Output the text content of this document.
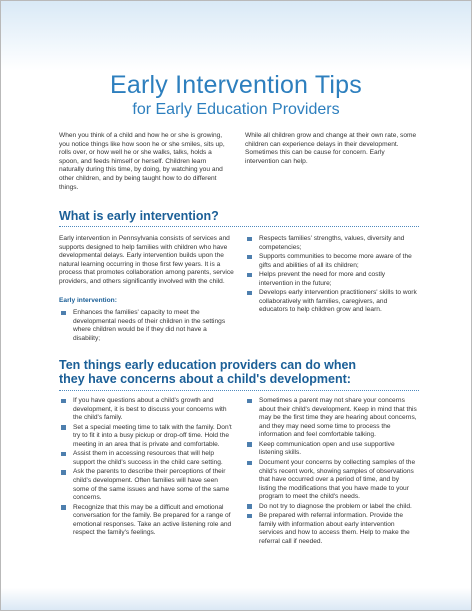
Early Intervention Tips
for Early Education Providers

When you think of a child and how he or she is growing, you notice things like how soon he or she smiles, sits up, rolls over, or how well he or she walks, talks, holds a spoon, and feeds himself or herself. Children learn naturally during this time, by doing, by watching you and other children, and by being taught how to do different things.

While all children grow and change at their own rate, some children can experience delays in their development. Sometimes this can be cause for concern. Early intervention can help.

What is early intervention?

Early intervention in Pennsylvania consists of services and supports designed to help families with children who have developmental delays. Early intervention builds upon the natural learning occurring in those first few years. It is a process that promotes collaboration among parents, service providers, and others significantly involved with the child.

Early intervention:
Enhances the families' capacity to meet the developmental needs of their children in the settings where children would be if they did not have a disability;
Respects families' strengths, values, diversity and competencies;
Supports communities to become more aware of the gifts and abilities of all its children;
Helps prevent the need for more and costly intervention in the future;
Develops early intervention practitioners' skills to work collaboratively with families, caregivers, and educators to help children grow and learn.
Ten things early education providers can do when
they have concerns about a child's development:
If you have questions about a child's growth and development, it is best to discuss your concerns with the child's family.
Set a special meeting time to talk with the family. Don't try to fit it into a busy pickup or drop-off time. Hold the meeting in an area that is private and comfortable.
Assist them in accessing resources that will help support the child's success in the child care setting.
Ask the parents to describe their perceptions of their child's development. Often families will have seen some of the same issues and have some of the same concerns.
Recognize that this may be a difficult and emotional conversation for the family. Be prepared for a range of emotional responses. Take an active listening role and respect the family's feelings.
Sometimes a parent may not share your concerns about their child's development. Keep in mind that this may be the first time they are hearing about concerns, and they may need some time to process the information and feel comfortable talking.
Keep communication open and use supportive listening skills.
Document your concerns by collecting samples of the child's recent work, showing samples of observations that have occurred over a period of time, and by listing the modifications that you have made to your program to meet the child's needs.
Do not try to diagnose the problem or label the child.
Be prepared with referral information. Provide the family with information about early intervention services and how to access them. Help to make the referral call if needed.
